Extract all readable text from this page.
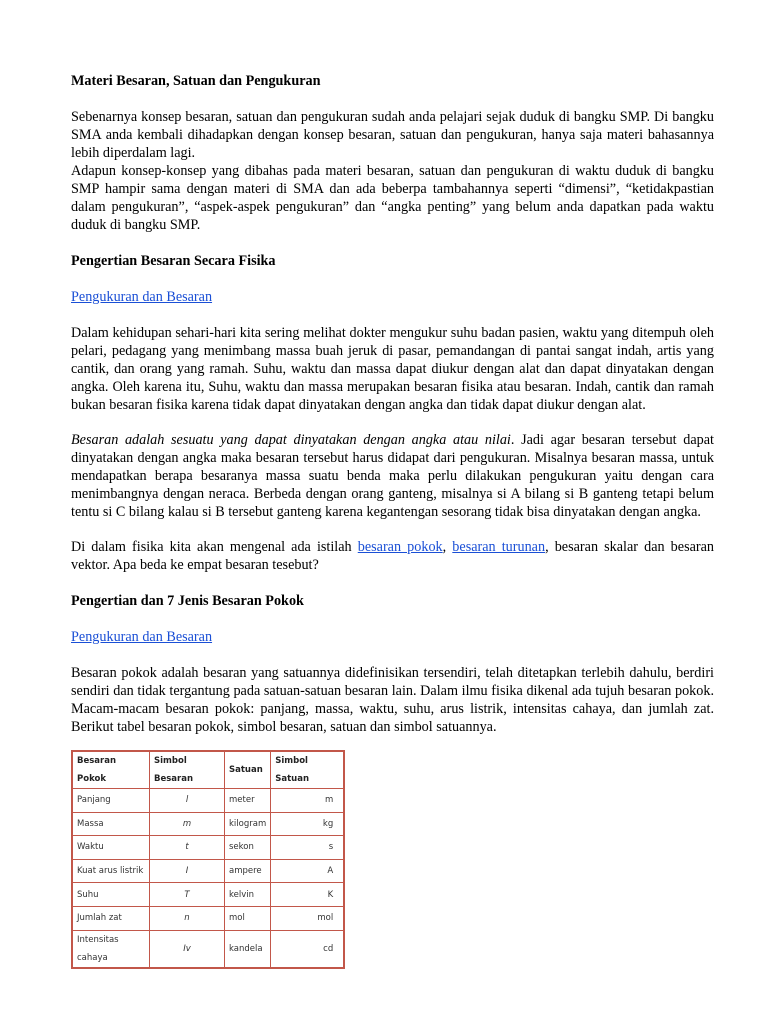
Materi Besaran, Satuan dan Pengukuran

Sebenarnya konsep besaran, satuan dan pengukuran sudah anda pelajari sejak duduk di bangku SMP. Di bangku SMA anda kembali dihadapkan dengan konsep besaran, satuan dan pengukuran, hanya saja materi bahasannya lebih diperdalam lagi.

Adapun konsep-konsep yang dibahas pada materi besaran, satuan dan pengukuran di waktu duduk di bangku SMP hampir sama dengan materi di SMA dan ada beberpa tambahannya seperti “dimensi”, “ketidakpastian dalam pengukuran”, “aspek-aspek pengukuran” dan “angka penting” yang belum anda dapatkan pada waktu duduk di bangku SMP.

Pengertian Besaran Secara Fisika

Pengukuran dan Besaran

Dalam kehidupan sehari-hari kita sering melihat dokter mengukur suhu badan pasien, waktu yang ditempuh oleh pelari, pedagang yang menimbang massa buah jeruk di pasar, pemandangan di pantai sangat indah, artis yang cantik, dan orang yang ramah. Suhu, waktu dan massa dapat diukur dengan alat dan dapat dinyatakan dengan angka. Oleh karena itu, Suhu, waktu dan massa merupakan besaran fisika atau besaran. Indah, cantik dan ramah bukan besaran fisika karena tidak dapat dinyatakan dengan angka dan tidak dapat diukur dengan alat.

Besaran adalah sesuatu yang dapat dinyatakan dengan angka atau nilai. Jadi agar besaran tersebut dapat dinyatakan dengan angka maka besaran tersebut harus didapat dari pengukuran. Misalnya besaran massa, untuk mendapatkan berapa besaranya massa suatu benda maka perlu dilakukan pengukuran yaitu dengan cara menimbangnya dengan neraca. Berbeda dengan orang ganteng, misalnya si A bilang si B ganteng tetapi belum tentu si C bilang kalau si B tersebut ganteng karena kegantengan sesorang tidak bisa dinyatakan dengan angka.

Di dalam fisika kita akan mengenal ada istilah besaran pokok, besaran turunan, besaran skalar dan besaran vektor. Apa beda ke empat besaran tesebut?

Pengertian dan 7 Jenis Besaran Pokok

Pengukuran dan Besaran

Besaran pokok adalah besaran yang satuannya didefinisikan tersendiri, telah ditetapkan terlebih dahulu, berdiri sendiri dan tidak tergantung pada satuan-satuan besaran lain. Dalam ilmu fisika dikenal ada tujuh besaran pokok. Macam-macam besaran pokok: panjang, massa, waktu, suhu, arus listrik, intensitas cahaya, dan jumlah zat. Berikut tabel besaran pokok, simbol besaran, satuan dan simbol satuannya.

Besaran Pokok	Simbol Besaran	Satuan	Simbol Satuan
Panjang	l	meter	m
Massa	m	kilogram	kg
Waktu	t	sekon	s
Kuat arus listrik	I	ampere	A
Suhu	T	kelvin	K
Jumlah zat	n	mol	mol
Intensitas cahaya	Iv	kandela	cd
